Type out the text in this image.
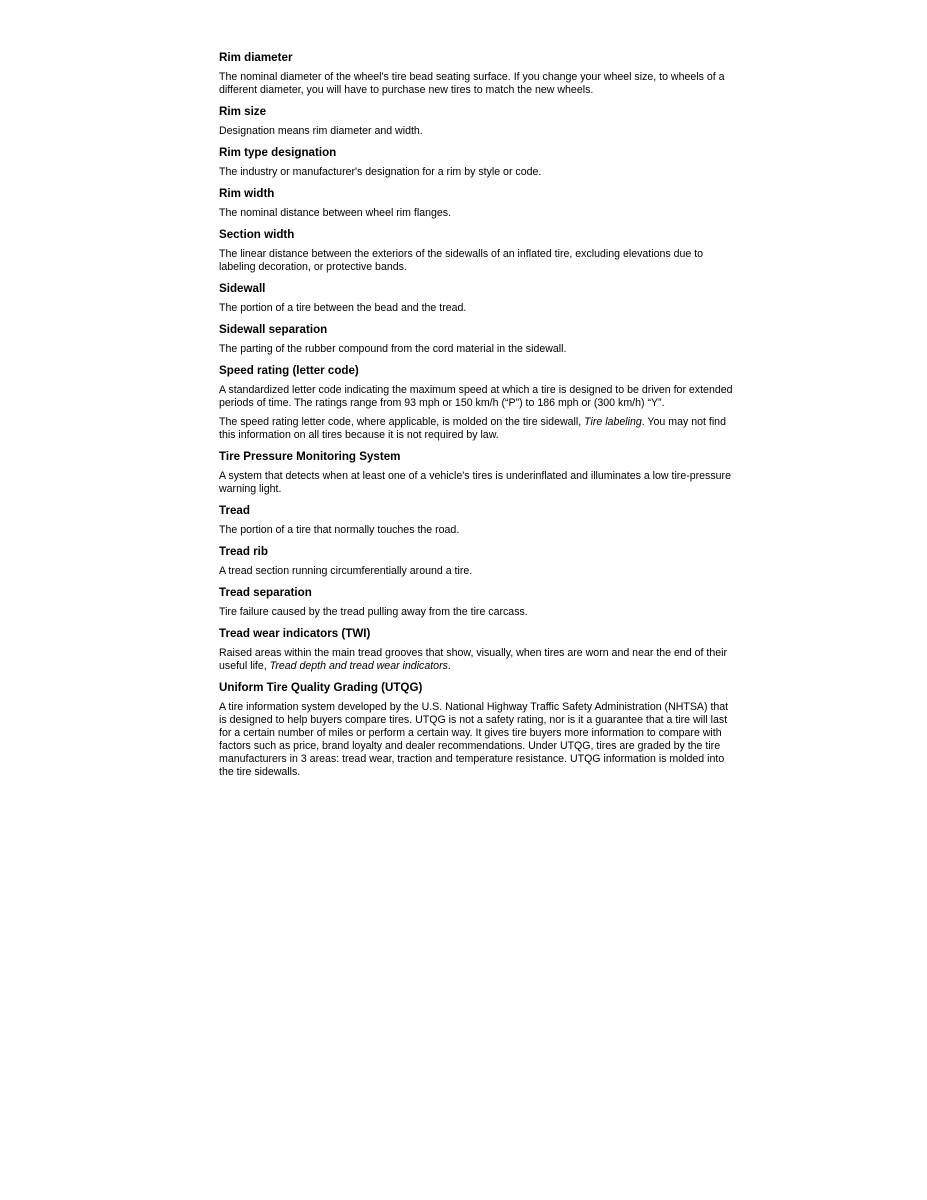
Rim diameter
The nominal diameter of the wheel's tire bead seating surface. If you change your wheel size, to wheels of a different diameter, you will have to purchase new tires to match the new wheels.
Rim size
Designation means rim diameter and width.
Rim type designation
The industry or manufacturer's designation for a rim by style or code.
Rim width
The nominal distance between wheel rim flanges.
Section width
The linear distance between the exteriors of the sidewalls of an inflated tire, excluding elevations due to labeling decoration, or protective bands.
Sidewall
The portion of a tire between the bead and the tread.
Sidewall separation
The parting of the rubber compound from the cord material in the sidewall.
Speed rating (letter code)
A standardized letter code indicating the maximum speed at which a tire is designed to be driven for extended periods of time. The ratings range from 93 mph or 150 km/h (“P”) to 186 mph or (300 km/h) “Y”.
The speed rating letter code, where applicable, is molded on the tire sidewall, Tire labeling. You may not find this information on all tires because it is not required by law.
Tire Pressure Monitoring System
A system that detects when at least one of a vehicle's tires is underinflated and illuminates a low tire-pressure warning light.
Tread
The portion of a tire that normally touches the road.
Tread rib
A tread section running circumferentially around a tire.
Tread separation
Tire failure caused by the tread pulling away from the tire carcass.
Tread wear indicators (TWI)
Raised areas within the main tread grooves that show, visually, when tires are worn and near the end of their useful life, Tread depth and tread wear indicators.
Uniform Tire Quality Grading (UTQG)
A tire information system developed by the U.S. National Highway Traffic Safety Administration (NHTSA) that is designed to help buyers compare tires. UTQG is not a safety rating, nor is it a guarantee that a tire will last for a certain number of miles or perform a certain way. It gives tire buyers more information to compare with factors such as price, brand loyalty and dealer recommendations. Under UTQG, tires are graded by the tire manufacturers in 3 areas: tread wear, traction and temperature resistance. UTQG information is molded into the tire sidewalls.
